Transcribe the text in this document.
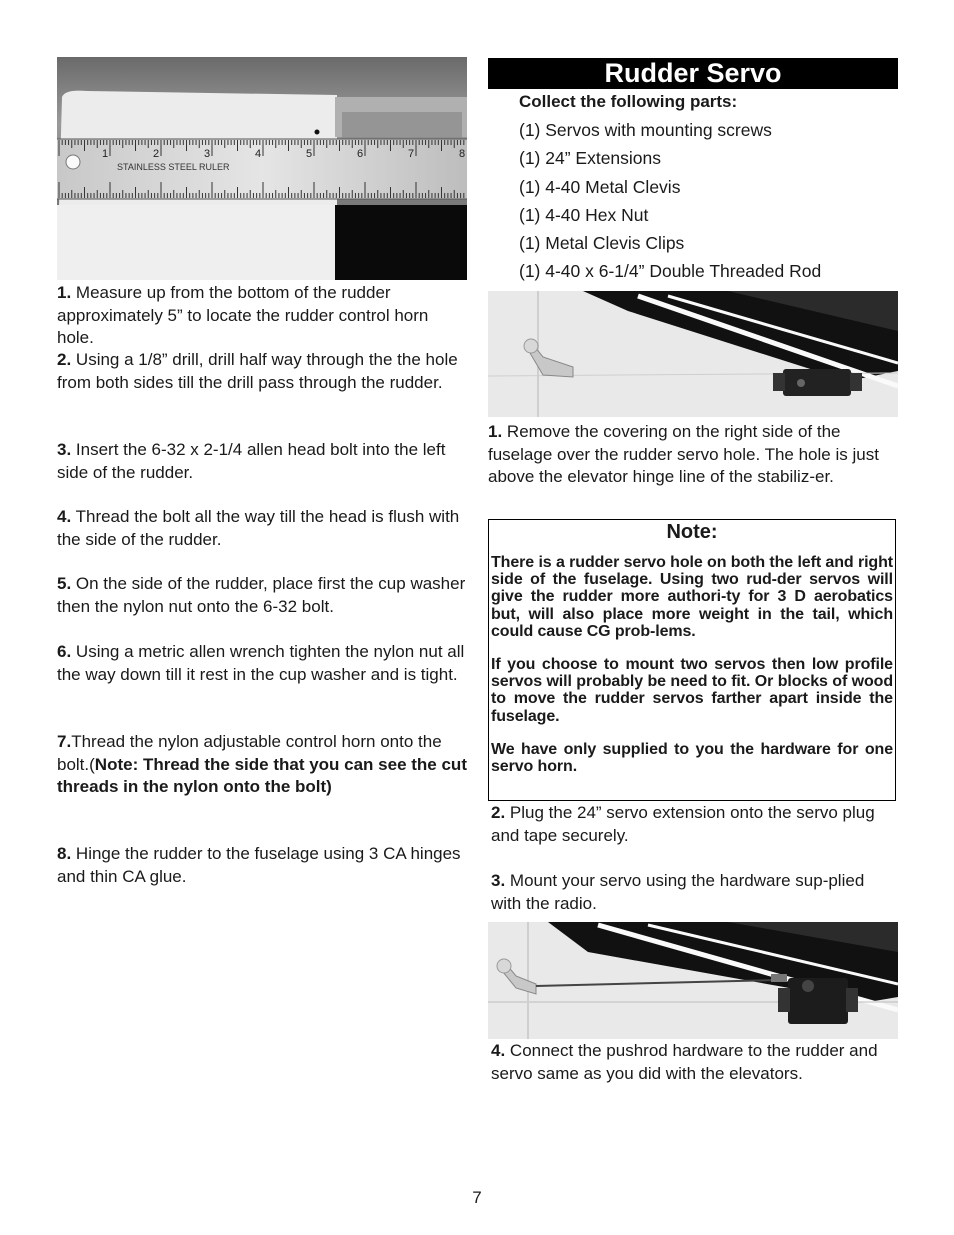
STAINLESS STEEL RULER
1	2	3	4	5	6	7	8
1. Measure up from the bottom of the rudder approximately 5” to locate the rudder control horn hole.
2. Using a 1/8” drill, drill half way through the the hole from both sides till the drill pass through the rudder.
3. Insert the 6-32 x 2-1/4 allen head bolt into the left side of the rudder.
4. Thread the bolt all the way till the head is flush with the side of the rudder.
5. On the side of the rudder, place first the cup washer then the nylon nut onto the 6-32 bolt.
6. Using a metric allen wrench tighten the nylon nut all the way down till it rest in the cup washer and is tight.
7.Thread the nylon adjustable control horn onto the bolt.(Note: Thread the side that you can see the cut threads in the nylon onto the bolt)
8. Hinge the rudder to the fuselage using 3 CA hinges and thin CA glue.
Rudder Servo
Collect the following parts:
(1) Servos with mounting screws
(1) 24” Extensions
(1) 4-40 Metal Clevis
(1) 4-40 Hex Nut
(1) Metal Clevis Clips
(1) 4-40 x 6-1/4” Double Threaded Rod
1. Remove the covering on the right side of the fuselage over the rudder servo hole. The hole is just above the elevator hinge line of the stabiliz-er.
Note:
There is a rudder servo hole on both the left and right side of the fuselage. Using two rud-der servos will give the rudder more authori-ty for 3 D aerobatics but, will also place more weight in the tail, which could cause CG prob-lems.
If you choose to mount two servos then low profile servos will probably be need to fit. Or blocks of wood to move the rudder servos farther apart inside the fuselage.
We have only supplied to you the hardware for one servo horn.
2. Plug the 24” servo extension onto the servo plug and tape securely.
3. Mount your servo using the hardware sup-plied with the radio.
4. Connect the pushrod hardware to the rudder and servo same as you did with the elevators.
7
